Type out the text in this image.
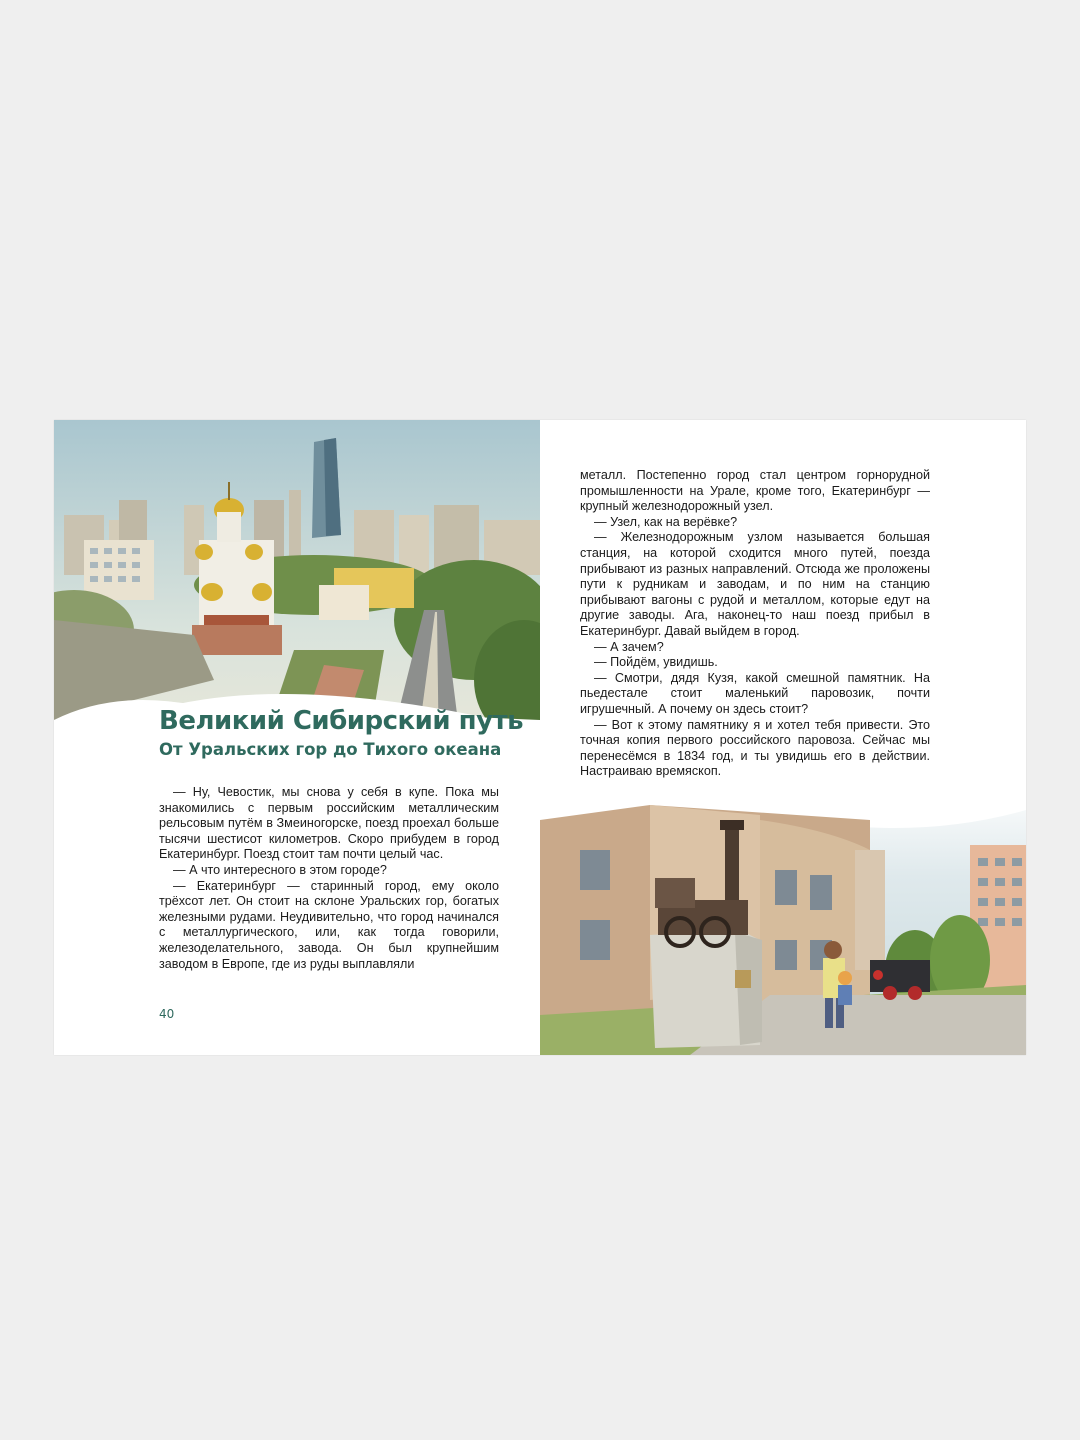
Великий Сибирский путь
От Уральских гор до Тихого океана

— Ну, Чевостик, мы снова у себя в купе. Пока мы знакомились с первым российским металлическим рельсовым путём в Змеиногорске, поезд проехал больше тысячи шестисот километров. Скоро прибудем в город Екатеринбург. Поезд стоит там почти целый час.

— А что интересного в этом городе?

— Екатеринбург — старинный город, ему около трёхсот лет. Он стоит на склоне Уральских гор, богатых железными рудами. Неудивительно, что город начинался с металлургического, или, как тогда говорили, железоделательного, завода. Он был крупнейшим заводом в Европе, где из руды выплавляли

40

металл. Постепенно город стал центром горнорудной промышленности на Урале, кроме того, Екатеринбург — крупный железнодорожный узел.

— Узел, как на верёвке?

— Железнодорожным узлом называется большая станция, на которой сходится много путей, поезда прибывают из разных направлений. Отсюда же проложены пути к рудникам и заводам, и по ним на станцию прибывают вагоны с рудой и металлом, которые едут на другие заводы. Ага, наконец-то наш поезд прибыл в Екатеринбург. Давай выйдем в город.

— А зачем?

— Пойдём, увидишь.

— Смотри, дядя Кузя, какой смешной памятник. На пьедестале стоит маленький паровозик, почти игрушечный. А почему он здесь стоит?

— Вот к этому памятнику я и хотел тебя привести. Это точная копия первого российского паровоза. Сейчас мы перенесёмся в 1834 год, и ты увидишь его в действии. Настраиваю времяскоп.
